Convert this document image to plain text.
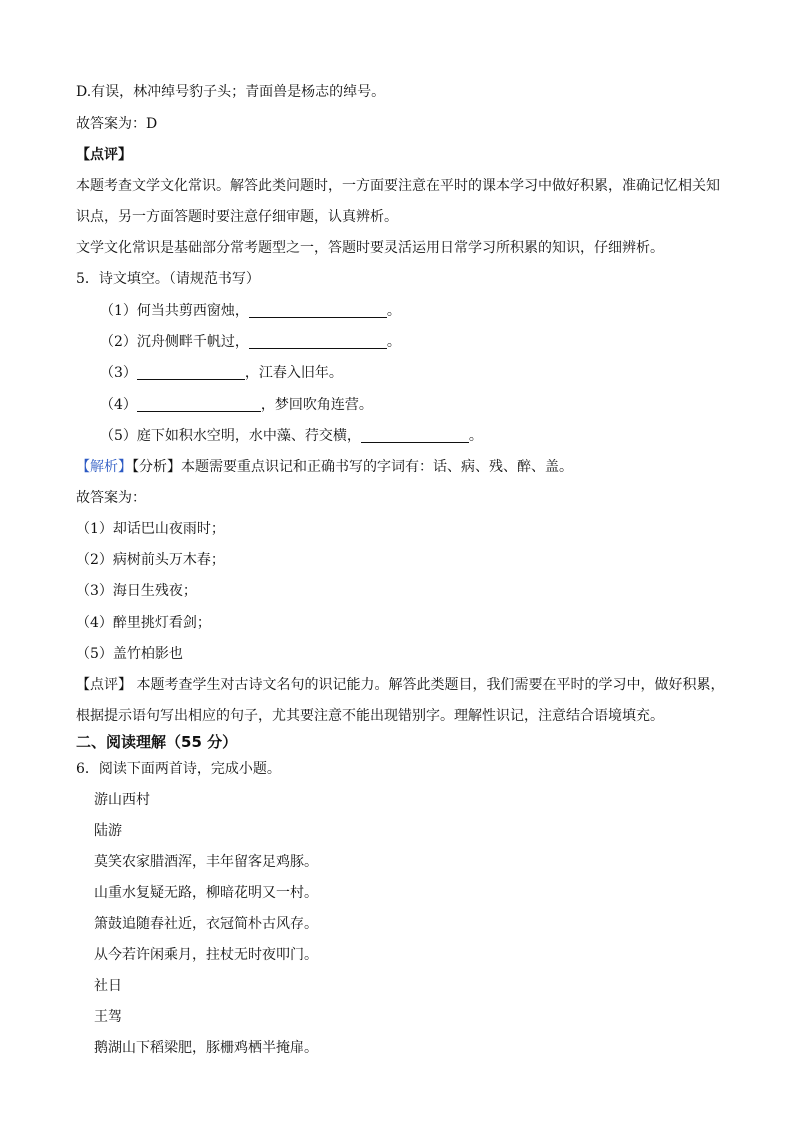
D.有误，林冲绰号豹子头；青面兽是杨志的绰号。
故答案为：D
【点评】
本题考查文学文化常识。解答此类问题时，一方面要注意在平时的课本学习中做好积累，准确记忆相关知
识点，另一方面答题时要注意仔细审题，认真辨析。
文学文化常识是基础部分常考题型之一，答题时要灵活运用日常学习所积累的知识，仔细辨析。
5．诗文填空。（请规范书写）
（1）何当共剪西窗烛，	。
（2）沉舟侧畔千帆过，	。
（3）	，江春入旧年。
（4）	，梦回吹角连营。
（5）庭下如积水空明，水中藻、荇交横，	。
【解析】【分析】本题需要重点识记和正确书写的字词有：话、病、残、醉、盖。
故答案为：
（1）却话巴山夜雨时；
（2）病树前头万木春；
（3）海日生残夜；
（4）醉里挑灯看剑；
（5）盖竹柏影也
【点评】 本题考查学生对古诗文名句的识记能力。解答此类题目，我们需要在平时的学习中，做好积累，
根据提示语句写出相应的句子，尤其要注意不能出现错别字。理解性识记，注意结合语境填充。
二、阅读理解（55 分）
6．阅读下面两首诗，完成小题。
游山西村
陆游
莫笑农家腊酒浑，丰年留客足鸡豚。
山重水复疑无路，柳暗花明又一村。
箫鼓追随春社近，衣冠简朴古风存。
从今若许闲乘月，拄杖无时夜叩门。
社日
王驾
鹅湖山下稻梁肥，豚栅鸡栖半掩扉。
